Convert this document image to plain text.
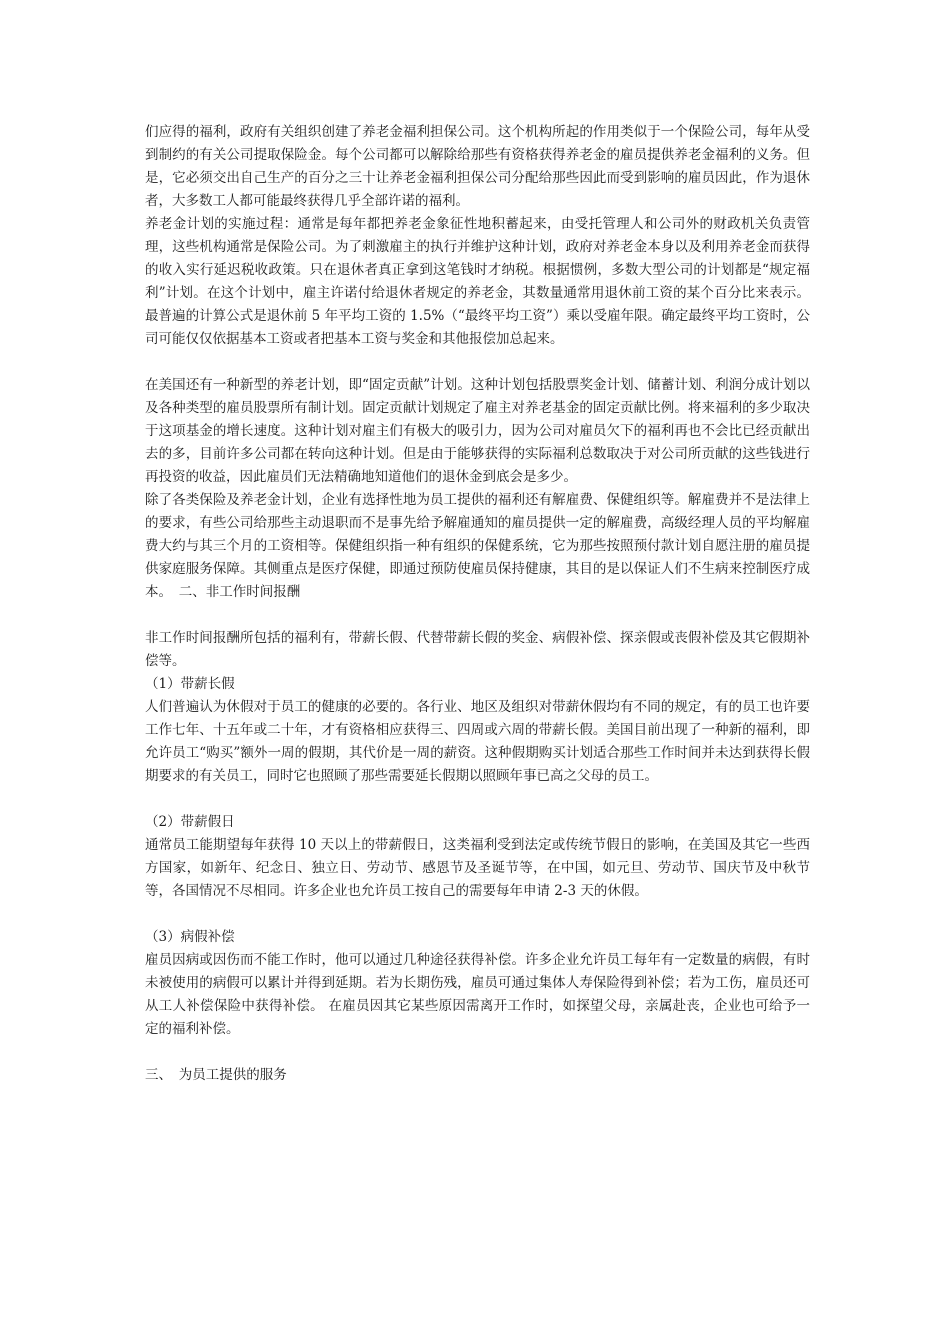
们应得的福利，政府有关组织创建了养老金福利担保公司。这个机构所起的作用类似于一个保险公司，每年从受到制约的有关公司提取保险金。每个公司都可以解除给那些有资格获得养老金的雇员提供养老金福利的义务。但是，它必须交出自己生产的百分之三十让养老金福利担保公司分配给那些因此而受到影响的雇员因此，作为退休者，大多数工人都可能最终获得几乎全部许诺的福利。

养老金计划的实施过程：通常是每年都把养老金象征性地积蓄起来，由受托管理人和公司外的财政机关负责管理，这些机构通常是保险公司。为了刺激雇主的执行并维护这种计划，政府对养老金本身以及利用养老金而获得的收入实行延迟税收政策。只在退休者真正拿到这笔钱时才纳税。根据惯例，多数大型公司的计划都是“规定福利”计划。在这个计划中，雇主许诺付给退休者规定的养老金，其数量通常用退休前工资的某个百分比来表示。最普遍的计算公式是退休前 5 年平均工资的 1.5%（“最终平均工资”）乘以受雇年限。确定最终平均工资时，公司可能仅仅依据基本工资或者把基本工资与奖金和其他报偿加总起来。

在美国还有一种新型的养老计划，即“固定贡献”计划。这种计划包括股票奖金计划、储蓄计划、利润分成计划以及各种类型的雇员股票所有制计划。固定贡献计划规定了雇主对养老基金的固定贡献比例。将来福利的多少取决于这项基金的增长速度。这种计划对雇主们有极大的吸引力，因为公司对雇员欠下的福利再也不会比已经贡献出去的多，目前许多公司都在转向这种计划。但是由于能够获得的实际福利总数取决于对公司所贡献的这些钱进行再投资的收益，因此雇员们无法精确地知道他们的退休金到底会是多少。

除了各类保险及养老金计划，企业有选择性地为员工提供的福利还有解雇费、保健组织等。解雇费并不是法律上的要求，有些公司给那些主动退职而不是事先给予解雇通知的雇员提供一定的解雇费，高级经理人员的平均解雇费大约与其三个月的工资相等。保健组织指一种有组织的保健系统，它为那些按照预付款计划自愿注册的雇员提供家庭服务保障。其侧重点是医疗保健，即通过预防使雇员保持健康，其目的是以保证人们不生病来控制医疗成本。　二、非工作时间报酬

非工作时间报酬所包括的福利有，带薪长假、代替带薪长假的奖金、病假补偿、探亲假或丧假补偿及其它假期补偿等。

（1）带薪长假

人们普遍认为休假对于员工的健康的必要的。各行业、地区及组织对带薪休假均有不同的规定，有的员工也许要工作七年、十五年或二十年，才有资格相应获得三、四周或六周的带薪长假。美国目前出现了一种新的福利，即允许员工“购买”额外一周的假期，其代价是一周的薪资。这种假期购买计划适合那些工作时间并未达到获得长假期要求的有关员工，同时它也照顾了那些需要延长假期以照顾年事已高之父母的员工。

（2）带薪假日

通常员工能期望每年获得 10 天以上的带薪假日，这类福利受到法定或传统节假日的影响，在美国及其它一些西方国家，如新年、纪念日、独立日、劳动节、感恩节及圣诞节等，在中国，如元旦、劳动节、国庆节及中秋节等，各国情况不尽相同。许多企业也允许员工按自己的需要每年申请 2-3 天的休假。

（3）病假补偿

雇员因病或因伤而不能工作时，他可以通过几种途径获得补偿。许多企业允许员工每年有一定数量的病假，有时未被使用的病假可以累计并得到延期。若为长期伤残，雇员可通过集体人寿保险得到补偿；若为工伤，雇员还可从工人补偿保险中获得补偿。 在雇员因其它某些原因需离开工作时，如探望父母，亲属赴丧，企业也可给予一定的福利补偿。

三、　为员工提供的服务
